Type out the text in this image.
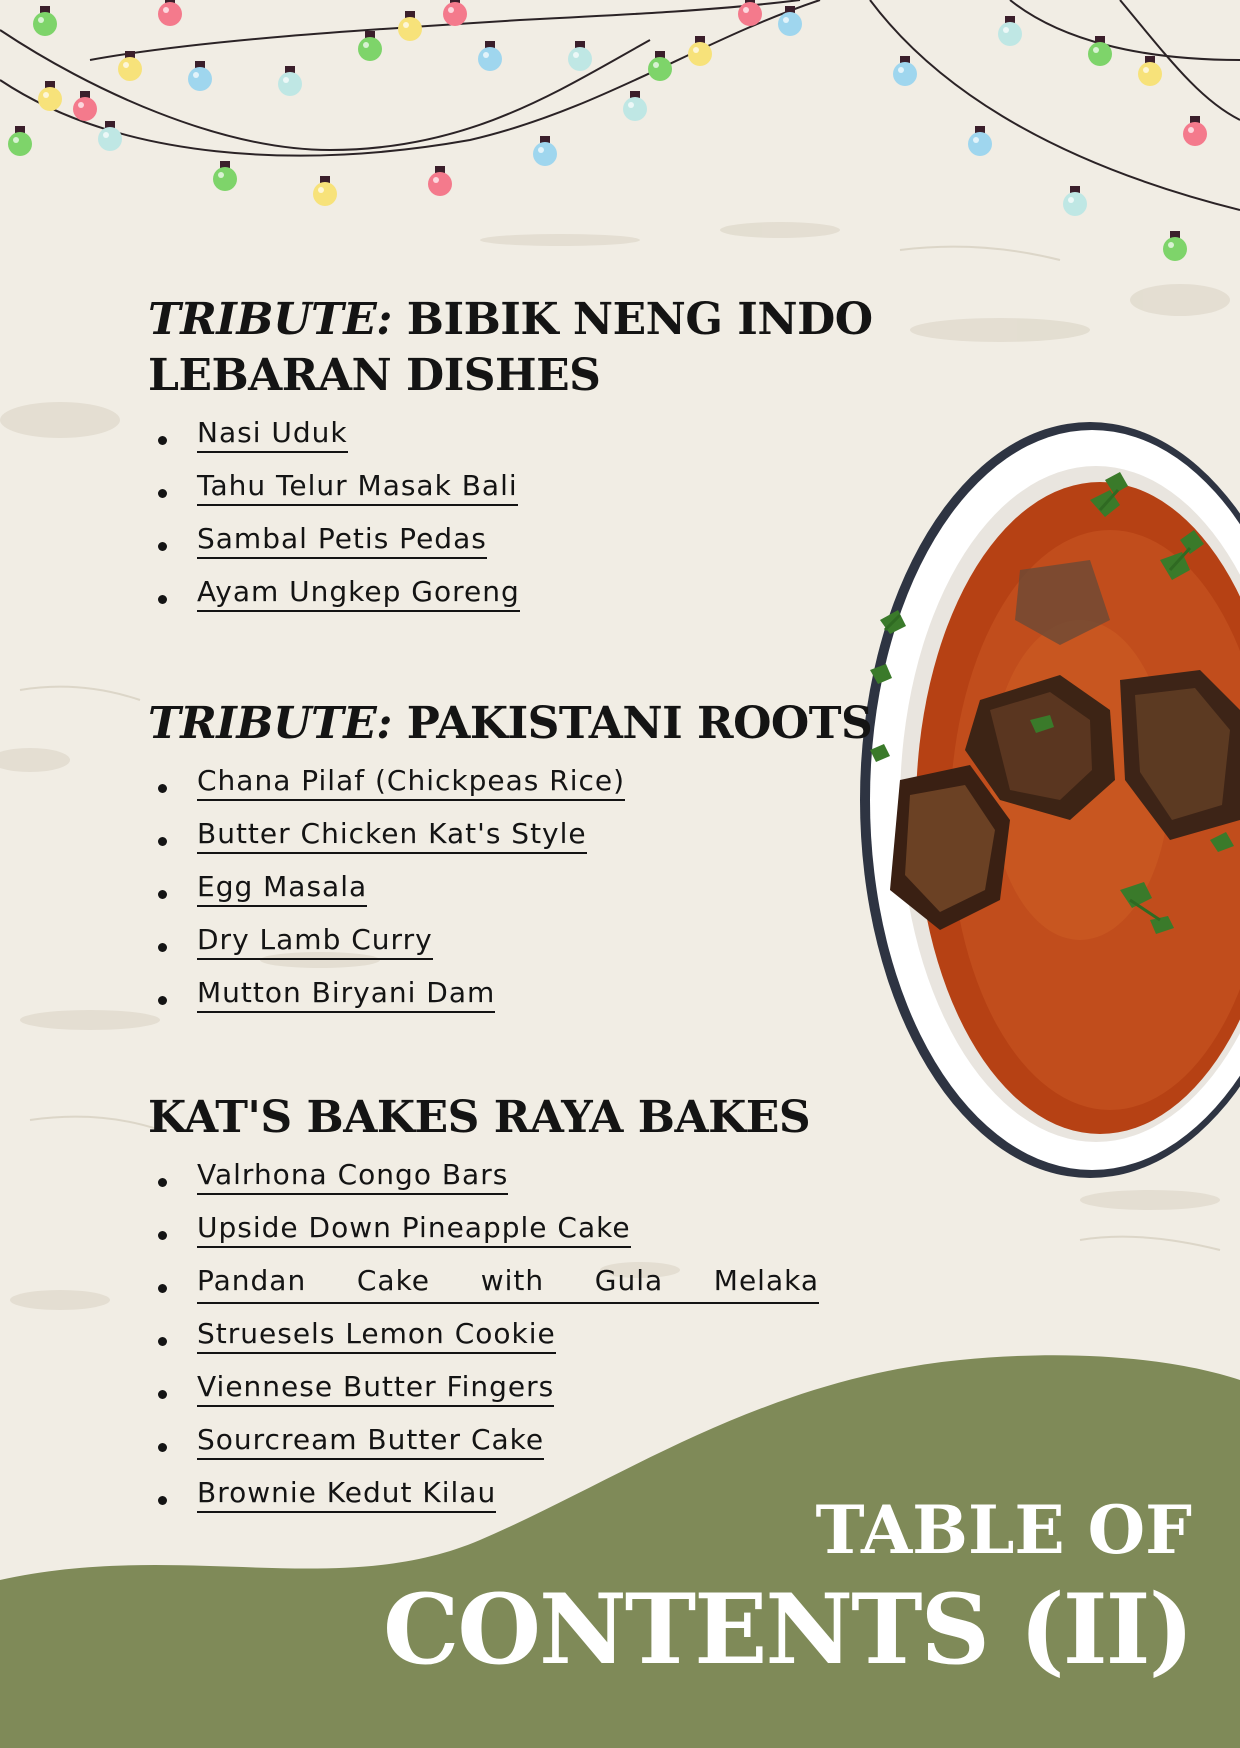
TRIBUTE: BIBIK NENG INDO
LEBARAN DISHES
Nasi Uduk
Tahu Telur Masak Bali
Sambal Petis Pedas
Ayam Ungkep Goreng
TRIBUTE: PAKISTANI ROOTS
Chana Pilaf (Chickpeas Rice)
Butter Chicken Kat's Style
Egg Masala
Dry Lamb Curry
Mutton Biryani Dam
KAT'S BAKES RAYA BAKES
Valrhona Congo Bars
Upside Down Pineapple Cake
Pandan Cake with Gula Melaka
Struesels Lemon Cookie
Viennese Butter Fingers
Sourcream Butter Cake
Brownie Kedut Kilau	TABLE OF
CONTENTS (II)
